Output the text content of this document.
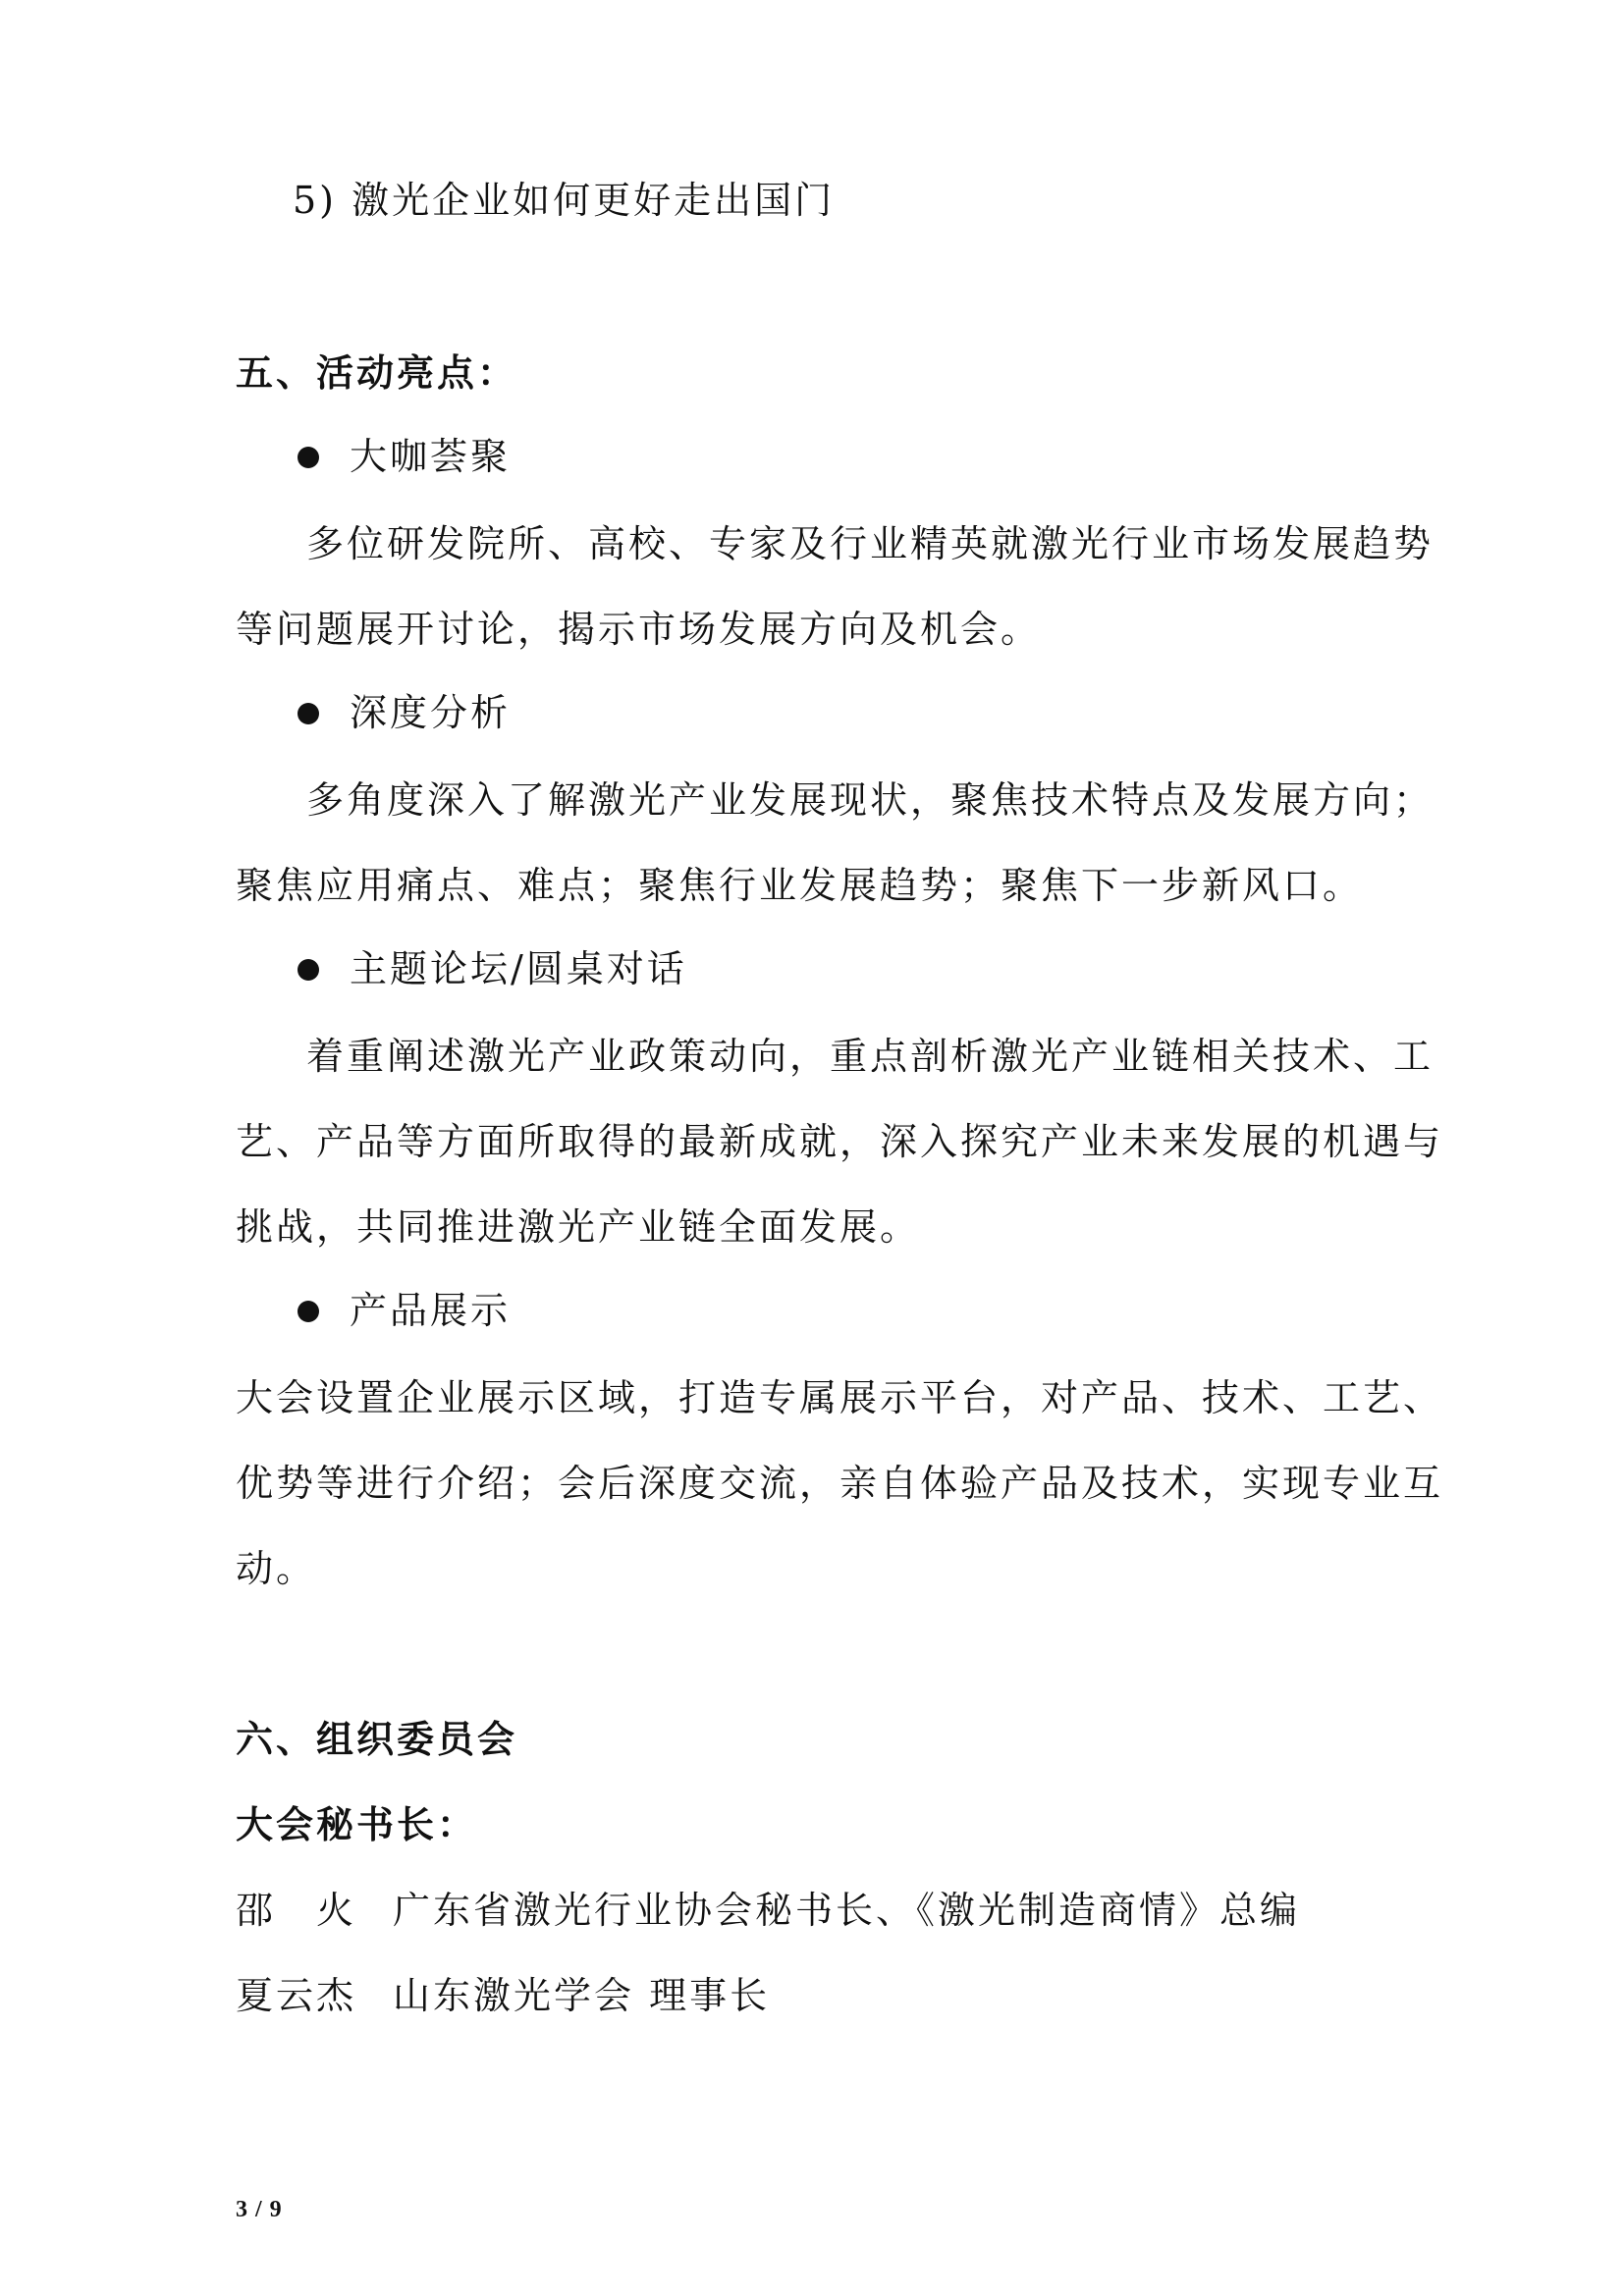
5) 激光企业如何更好走出国门
五、活动亮点：
大咖荟聚
多位研发院所、高校、专家及行业精英就激光行业市场发展趋势
等问题展开讨论，揭示市场发展方向及机会。
深度分析
多角度深入了解激光产业发展现状，聚焦技术特点及发展方向；
聚焦应用痛点、难点；聚焦行业发展趋势；聚焦下一步新风口。
主题论坛/圆桌对话
着重阐述激光产业政策动向，重点剖析激光产业链相关技术、工
艺、产品等方面所取得的最新成就，深入探究产业未来发展的机遇与
挑战，共同推进激光产业链全面发展。
产品展示
大会设置企业展示区域，打造专属展示平台，对产品、技术、工艺、
优势等进行介绍；会后深度交流，亲自体验产品及技术，实现专业互
动。
六、组织委员会
大会秘书长：
邵　火 广东省激光行业协会秘书长、《激光制造商情》总编
夏云杰 山东激光学会 理事长
3 / 9
